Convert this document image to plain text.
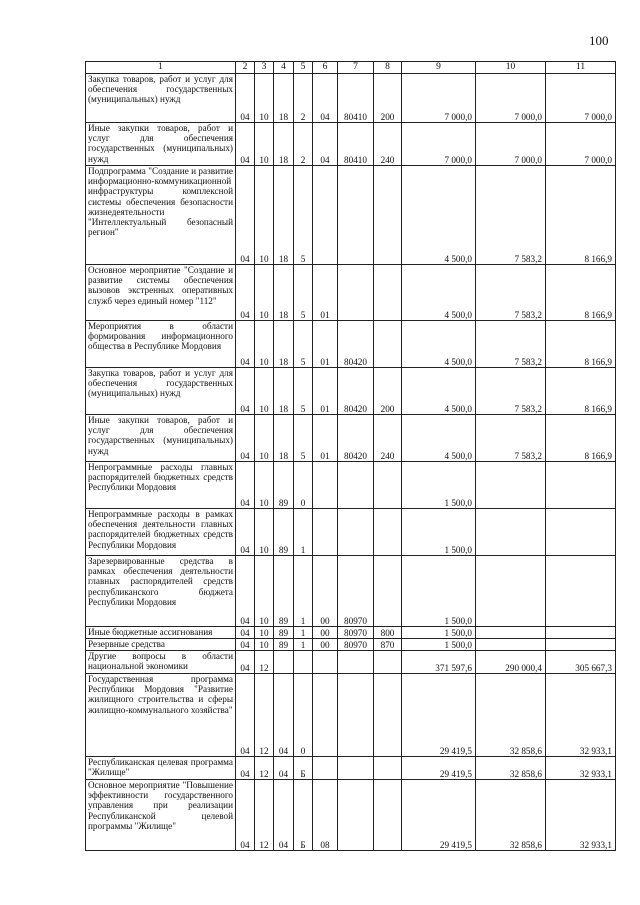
100
1	2	3	4	5	6	7	8	9	10	11
Закупка товаров, работ и услуг для обеспечения государственных (муниципальных) нужд	04	10	18	2	04	80410	200	7 000,0	7 000,0	7 000,0
Иные закупки товаров, работ и услуг для обеспечения государственных (муниципальных) нужд	04	10	18	2	04	80410	240	7 000,0	7 000,0	7 000,0
Подпрограмма "Создание и развитие информационно-коммуникационной инфраструктуры комплексной системы обеспечения безопасности жизнедеятельности "Интеллектуальный безопасный регион"	04	10	18	5				4 500,0	7 583,2	8 166,9
Основное мероприятие "Создание и развитие системы обеспечения вызовов экстренных оперативных служб через единый номер "112"	04	10	18	5	01			4 500,0	7 583,2	8 166,9
Мероприятия в области формирования информационного общества в Республике Мордовия	04	10	18	5	01	80420		4 500,0	7 583,2	8 166,9
Закупка товаров, работ и услуг для обеспечения государственных (муниципальных) нужд	04	10	18	5	01	80420	200	4 500,0	7 583,2	8 166,9
Иные закупки товаров, работ и услуг для обеспечения государственных (муниципальных) нужд	04	10	18	5	01	80420	240	4 500,0	7 583,2	8 166,9
Непрограммные расходы главных распорядителей бюджетных средств Республики Мордовия	04	10	89	0				1 500,0		
Непрограммные расходы в рамках обеспечения деятельности главных распорядителей бюджетных средств Республики Мордовия	04	10	89	1				1 500,0		
Зарезервированные средства в рамках обеспечения деятельности главных распорядителей средств республиканского бюджета Республики Мордовия	04	10	89	1	00	80970		1 500,0		
Иные бюджетные ассигнования	04	10	89	1	00	80970	800	1 500,0		
Резервные средства	04	10	89	1	00	80970	870	1 500,0		
Другие вопросы в области национальной экономики	04	12						371 597,6	290 000,4	305 667,3
Государственная программа Республики Мордовия "Развитие жилищного строительства и сферы жилищно-коммунального хозяйства"	04	12	04	0				29 419,5	32 858,6	32 933,1
Республиканская целевая программа "Жилище"	04	12	04	Б				29 419,5	32 858,6	32 933,1
Основное мероприятие "Повышение эффективности государственного управления при реализации Республиканской целевой программы "Жилище"	04	12	04	Б	08			29 419,5	32 858,6	32 933,1
